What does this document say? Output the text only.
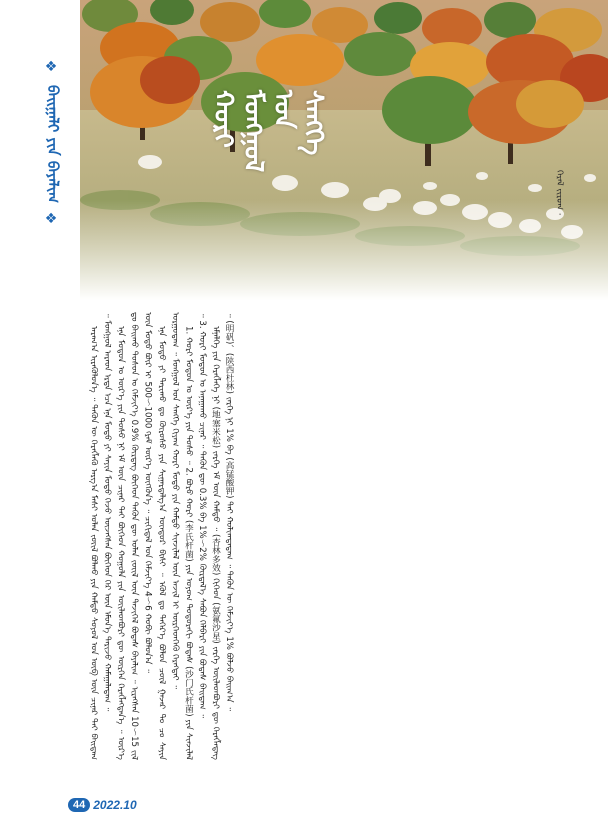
❖
ᠪᠠᠢᠭᠠᠯᠢ ᠶᠢᠨ ᠪᠠᠶᠠᠯᠢᠭ
❖
ᠬᠣᠷᠢ ᠮᠣᠩᠭᠣᠯ ᠤᠨ ᠰᠡᠩᠬᠡ
ᠭᠡᠷᠡᠯ ᠵᠢᠷᠤᠭ ·

ᠠᠷᠠᠭ᠎ᠠ ᠢᠷᠡᠭᠦᠯᠦᠨ᠎ᠡ ᠃ ᠲᠡᠭᠦᠨ ᠦ ᠬᠡᠷᠡᠭᠯᠡᠬᠦ ᠠᠷᠭ᠎ᠠ ᠮᠠᠰᠢ ᠣᠯᠠᠨ ᠵᠦᠢᠯ ᠪᠣᠯᠬᠤ ᠶᠢᠨ ᠬᠠᠮᠲᠤ ᠰᠣᠶᠣᠯ ᠤᠨ ᠥᠪ ᠦᠨ ᠴᠢᠨᠠᠷ ᠲᠠᠢ ᠪᠠᠢᠳᠠᠭ ᠃ ᠮᠣᠩᠭᠣᠯ ᠠᠷᠠᠳ ᠡᠷᠲᠡ ᠡᠴᠡ ᠡᠨᠡ ᠮᠣᠳᠣ ᠶᠢ ᠰᠠᠶᠢᠨ ᠮᠣᠳᠣ ᠭᠡᠵᠦ ᠦᠵᠡᠭᠰᠡᠨ ᠪᠥᠭᠡᠳ ᠭᠡᠷ ᠦᠨ ᠡᠮᠦᠨ᠎ᠡ ᠲᠠᠷᠢᠵᠤ ᠬᠠᠮᠠᠭᠠᠯᠠᠳᠠᠭ ᠃ ᠡᠨᠡ ᠮᠣᠳᠣᠨ ᠤ ᠦᠷ᠎ᠡ ᠶᠢᠨ ᠲᠣᠰᠤ ᠨᠢ ᠡᠮ ᠦᠨ ᠴᠢᠨᠠᠷ ᠲᠠᠢ ᠪᠥᠭᠡᠳ ᠬᠣᠭᠣᠯᠠ ᠶᠢᠨ ᠦᠢᠯᠡᠳᠪᠦᠷᠢ ᠳᠦ ᠥᠷᠭᠡᠨ ᠬᠡᠷᠡᠭᠯᠡᠭᠳᠡᠨ᠎ᠡ ᠃ ᠦᠷ᠎ᠡ ᠳᠤ ᠪᠠᠢᠬᠤ ᠲᠣᠰᠤᠨ ᠤ ᠬᠡᠮᠵᠢᠶ᠎ᠡ 0.9% ᠬᠦᠷᠳᠡᠭ ᠪᠥᠭᠡᠳ ᠲᠡᠭᠦᠨ ᠳᠦ ᠣᠯᠠᠨ ᠵᠦᠢᠯ ᠦᠨ ᠲᠡᠵᠢᠭᠡᠯ ᠪᠣᠳᠠᠰ ᠪᠠᠶᠠᠯᠢᠭ ᠃ ᠢᠷᠡᠭᠰᠡᠨ 10～15 ᠵᠢᠯ ᠦᠨ ᠮᠣᠳᠣ ᠪᠦᠷ ᠢ 500～1000 ᠭᠷᠠᠮ ᠦᠷ᠎ᠡ ᠥᠭᠭᠦᠨ᠎ᠡ ᠃ ᠴᠢᠭᠢᠳᠠᠯ ᠤᠨ ᠬᠡᠮᠵᠢᠶ᠎ᠡ 4～6 ᠬᠤᠪᠢ ᠪᠣᠯᠤᠨ᠎ᠠ ᠃ ᠡᠨᠡ ᠮᠣᠳᠣ ᠶᠢ ᠲᠠᠷᠢᠬᠤ ᠳᠤ ᠬᠥᠷᠦᠰᠦ ᠶᠢᠨ ᠰᠢᠭᠠᠷᠳᠠᠯᠭ᠎ᠠ ᠥᠨᠳᠥᠷ ᠪᠢᠰᠢ ᠃ ᠡᠭᠦᠯ ᠳᠤ ᠳᠡᠭᠡᠷ᠎ᠡ ᠪᠣᠯᠤᠨ ᠴᠥᠯ ᠭᠠᠵᠠᠷ ᠲᠤ ᠴᠤ ᠰᠠᠶᠢᠨ ᠤᠷᠭᠤᠳᠠᠭ ᠃ ᠮᠣᠩᠭᠣᠯ ᠤᠨ ᠰᠡᠩᠬᠡ ᠬᠢᠶᠠᠭ ᠬᠣᠷᠢ ᠮᠣᠳᠣ ᠶᠢᠨ ᠬᠠᠮᠲᠤ ᠰᠢᠨᠵᠢᠯᠡᠯ ᠦᠨ ᠠᠵᠢᠯ ᠢ ᠥᠷᠭᠡᠳᠬᠡᠬᠦ ᠬᠡᠷᠡᠭᠲᠡᠢ ᠃ 1. ᠬᠣᠷᠢ ᠮᠣᠳᠣᠨ ᠤ ᠦᠷ᠎ᠡ ᠶᠢᠨ ᠲᠣᠰᠤ ᠃ 2. ᠪᠣᠷᠣ ᠬᠣᠷᠢ (李氏杆菌) ᠶᠢᠨ ᠤᠶᠤᠭ ᠳᠣᠲᠣᠷᠠᠬᠢ ᠪᠣᠳᠠᠰ (沙门氏杆菌) ᠶᠢᠨ ᠰᠢᠨᠵᠢᠯᠡᠯ ᠃ 3. ᠬᠣᠷᠢ ᠮᠣᠳᠣᠨ ᠤ ᠠᠨᠠᠭᠠᠬᠤ ᠴᠢᠨᠠᠷ ᠃ ᠲᠡᠭᠦᠨ ᠳᠦ 0.3% ᠪᠠ 1%～2% ᠬᠦᠷᠲᠡᠯ᠎ᠡ ᠰᠠᠪᠣᠨ ᠬᠡᠯᠪᠡᠷᠢ ᠶᠢᠨ ᠪᠣᠳᠠᠰ ᠪᠠᠢᠳᠠᠭ ᠃ ᠡᠮᠨᠡᠯᠭᠡ ᠶᠢᠨ ᠬᠡᠷᠡᠭᠯᠡᠭᠡ ᠨᠢ (地塞米松) ᠵᠡᠷᠭᠡ ᠡᠮ ᠦᠨ ᠬᠠᠮᠲᠤ ᠃ (杏林多效) ᠬᠢᠭᠡᠳ (氨氟沙星) ᠵᠡᠷᠭᠡ ᠦᠢᠯᠡᠳᠪᠦᠷᠢ ᠳᠦ ᠬᠡᠷᠡᠭᠯᠡᠳᠡᠭ ᠃ (明矾)、(陕西杜林) ᠵᠡᠷᠭᠡ ᠨᠢ 1% ᠪᠠ (高锰酸钾) ᠲᠠᠢ ᠬᠣᠯᠢᠭᠳᠠᠳᠠᠭ ᠃ ᠲᠡᠭᠦᠨ ᠦ ᠬᠡᠮᠵᠢᠶ᠎ᠡ 1% ᠪᠣᠯᠵᠤ ᠪᠠᠢᠭ᠎ᠠ ᠃

44 2022.10
